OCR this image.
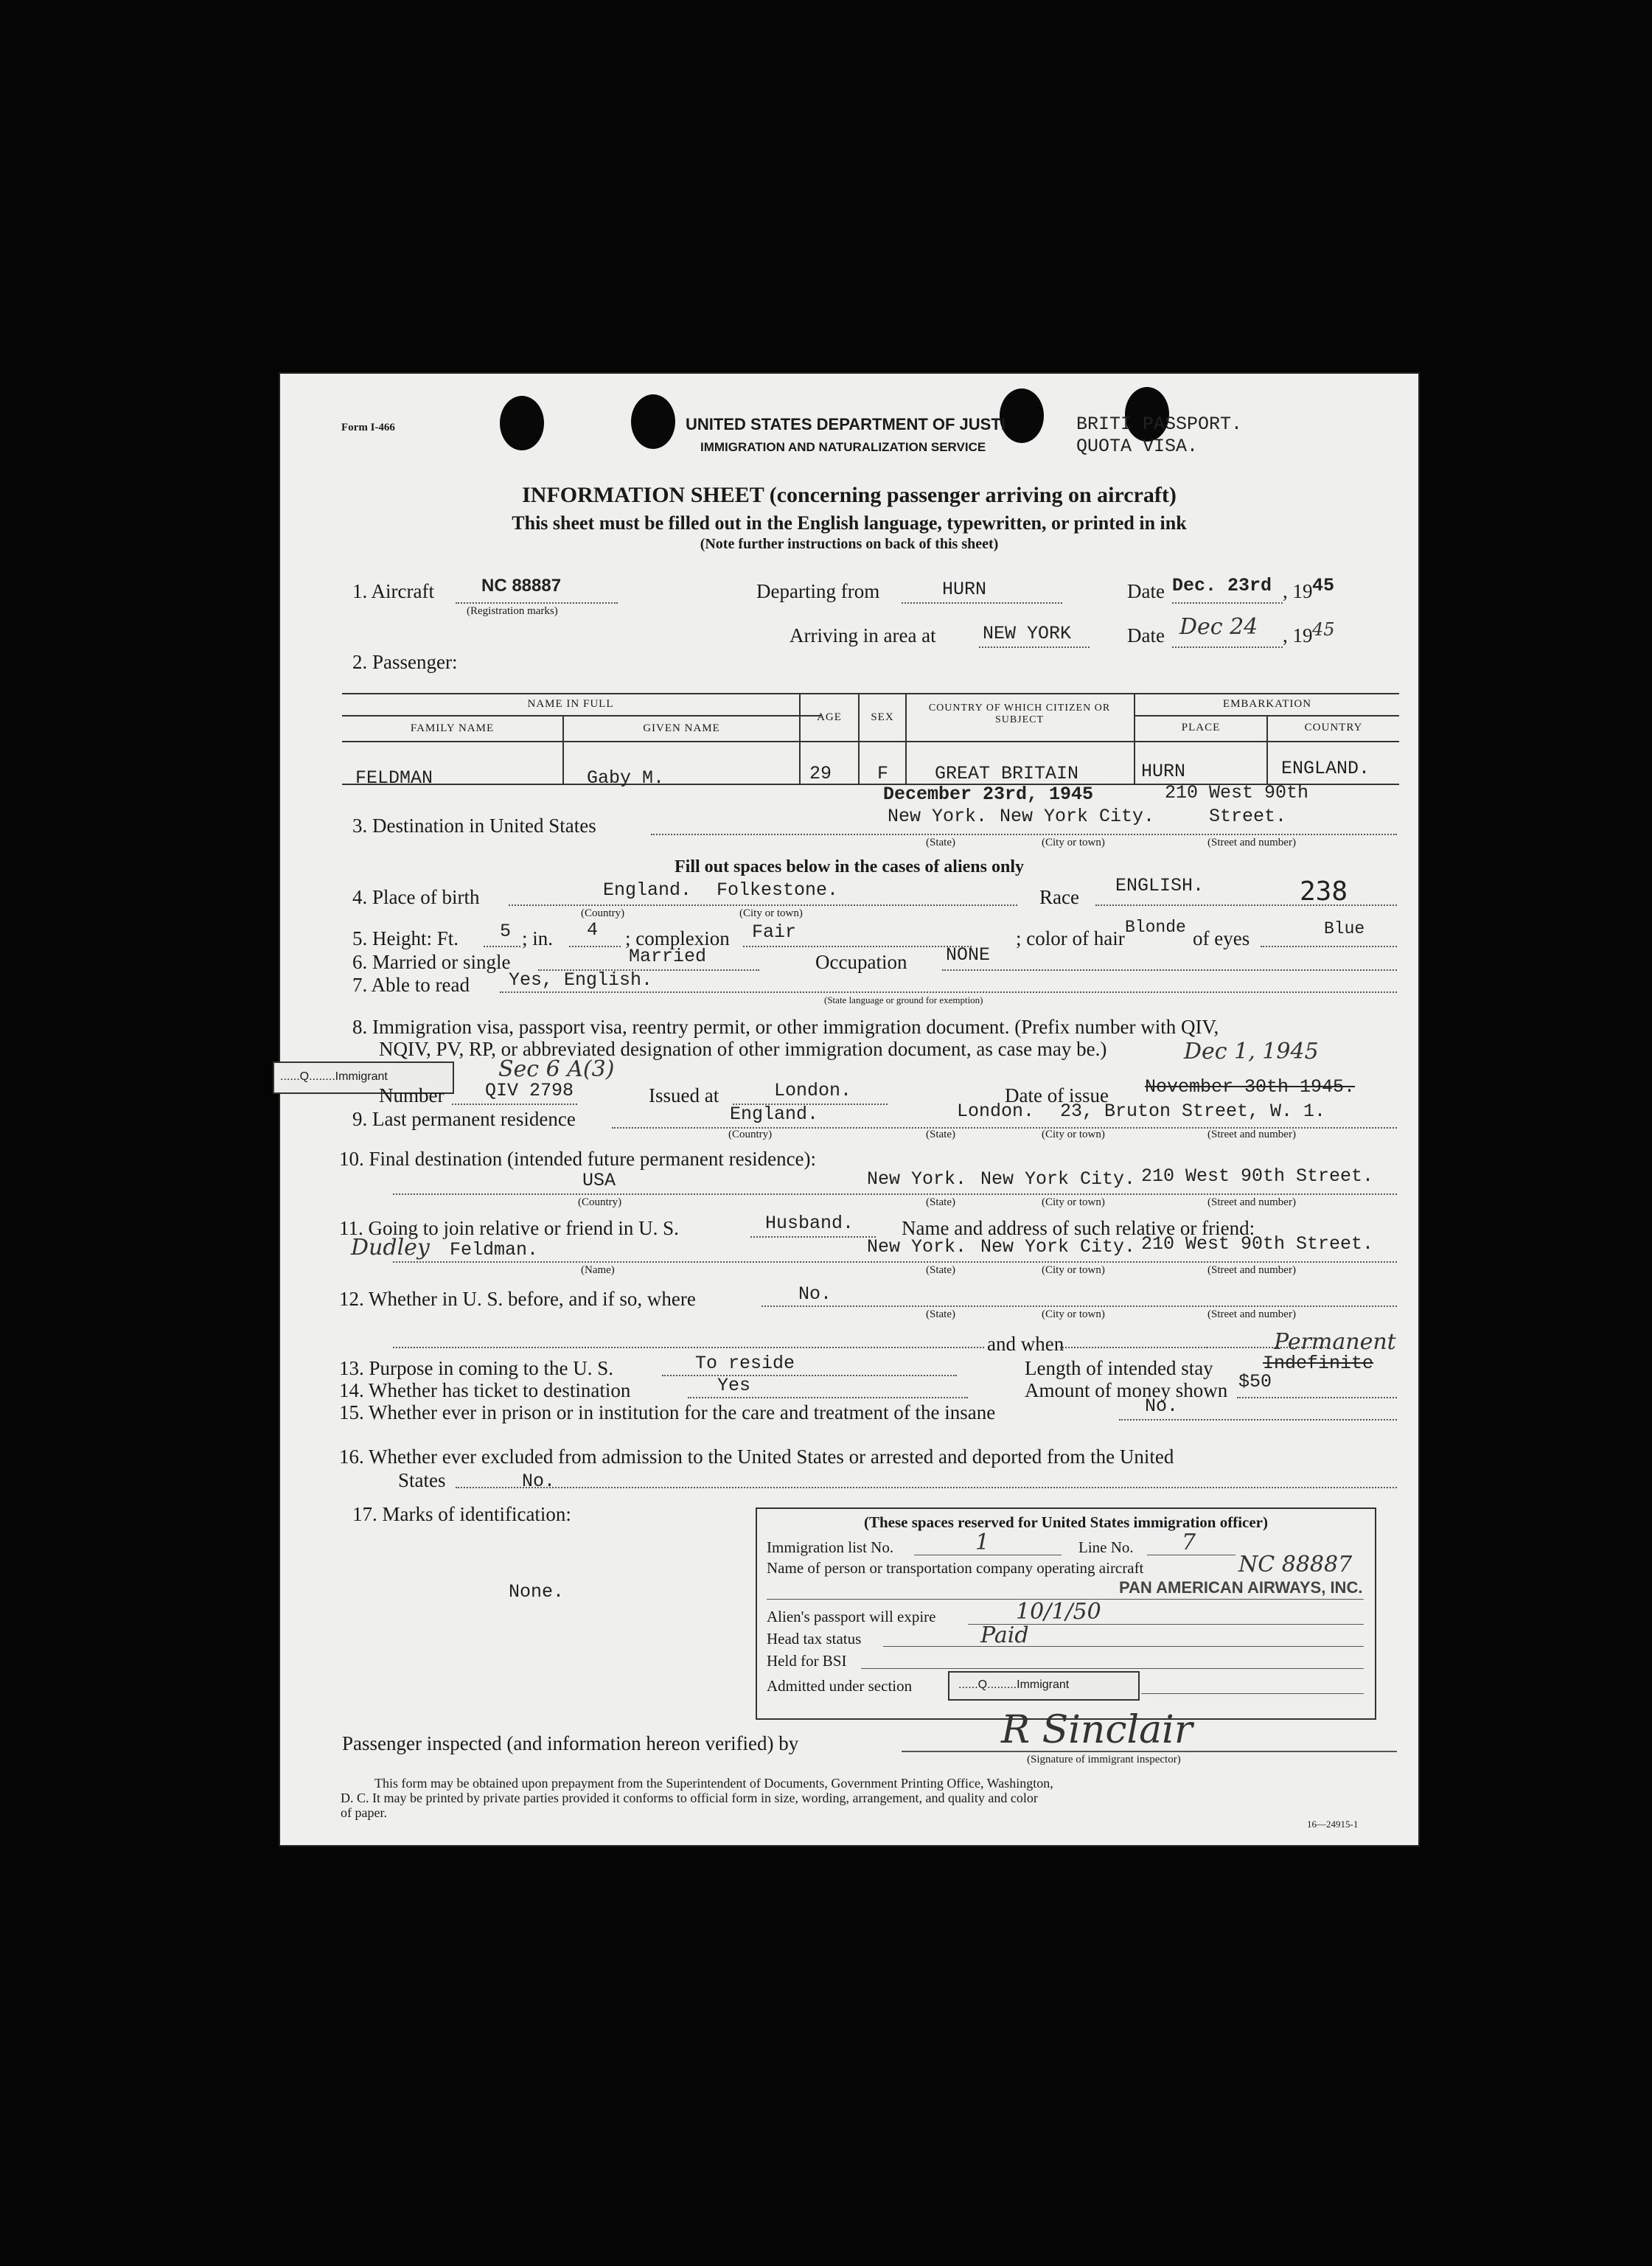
Form I-466	UNITED STATES DEPARTMENT OF JUSTI
IMMIGRATION AND NATURALIZATION SERVICE
BRITI PASSPORT.
QUOTA VISA.
INFORMATION SHEET (concerning passenger arriving on aircraft)
This sheet must be filled out in the English language, typewritten, or printed in ink
(Note further instructions on back of this sheet)
1. Aircraft	NC 88887
(Registration marks)
Departing from	HURN	Date Dec. 23rd , 19 45
Arriving in area at	NEW YORK	Date Dec 24 , 19 45
2. Passenger:
NAME IN FULL
FAMILY NAME	GIVEN NAME
AGE	SEX
COUNTRY OF WHICH CITIZEN OR SUBJECT
EMBARKATION
PLACE	COUNTRY
FELDMAN	Gaby M.	29 F	GREAT BRITAIN	HURN	ENGLAND.
December 23rd, 1945	210 West 90th
3. Destination in United States	New York. New York City.	Street.
(State)	(City or town)	(Street and number)
Fill out spaces below in the cases of aliens only
4. Place of birth	England. Folkestone.
(Country)	(City or town)
Race
ENGLISH.	238
5. Height: Ft. 5 ; in. 4 ; complexion Fair	; color of hair Blonde of eyes	Blue
6. Married or single	Married	Occupation NONE
7. Able to read Yes, English.
(State language or ground for exemption)
8. Immigration visa, passport visa, reentry permit, or other immigration document. (Prefix number with QIV,
NQIV, PV, RP, or abbreviated designation of other immigration document, as case may be.)
......Q........Immigrant	Sec 6 A(3)
Dec 1, 1945
Number QIV 2798	Issued at	London.	Date of issue November 30th 1945.
9. Last permanent residence	England.	London. 23, Bruton Street, W. 1.
(Country)	(State)	(City or town)	(Street and number)
10. Final destination (intended future permanent residence):
USA	New York. New York City. 210 West 90th Street.
(Country)	(State)	(City or town)	(Street and number)
11. Going to join relative or friend in U. S.	Husband. Name and address of such relative or friend:
Dudley Feldman.	New York. New York City. 210 West 90th Street.
(Name)	(State)	(City or town)	(Street and number)
12. Whether in U. S. before, and if so, where	No.
(State)	(City or town)	(Street and number)
and when
13. Purpose in coming to the U. S.	To reside	Length of intended stay	Indefinite
Permanent
14. Whether has ticket to destination	Yes	Amount of money shown $50
15. Whether ever in prison or in institution for the care and treatment of the insane	No.
16. Whether ever excluded from admission to the United States or arrested and deported from the United
States	No.
17. Marks of identification:
None.
(These spaces reserved for United States immigration officer)
Immigration list No.	1	Line No. 7
Name of person or transportation company operating aircraft	NC 88887
PAN AMERICAN AIRWAYS, INC.
Alien's passport will expire	10/1/50
Head tax status	Paid
Held for BSI
Admitted under section	......Q.........Immigrant
Passenger inspected (and information hereon verified) by	R Sinclair
(Signature of immigrant inspector)
This form may be obtained upon prepayment from the Superintendent of Documents, Government Printing Office, Washington,
D. C. It may be printed by private parties provided it conforms to official form in size, wording, arrangement, and quality and color
of paper.
16—24915-1
